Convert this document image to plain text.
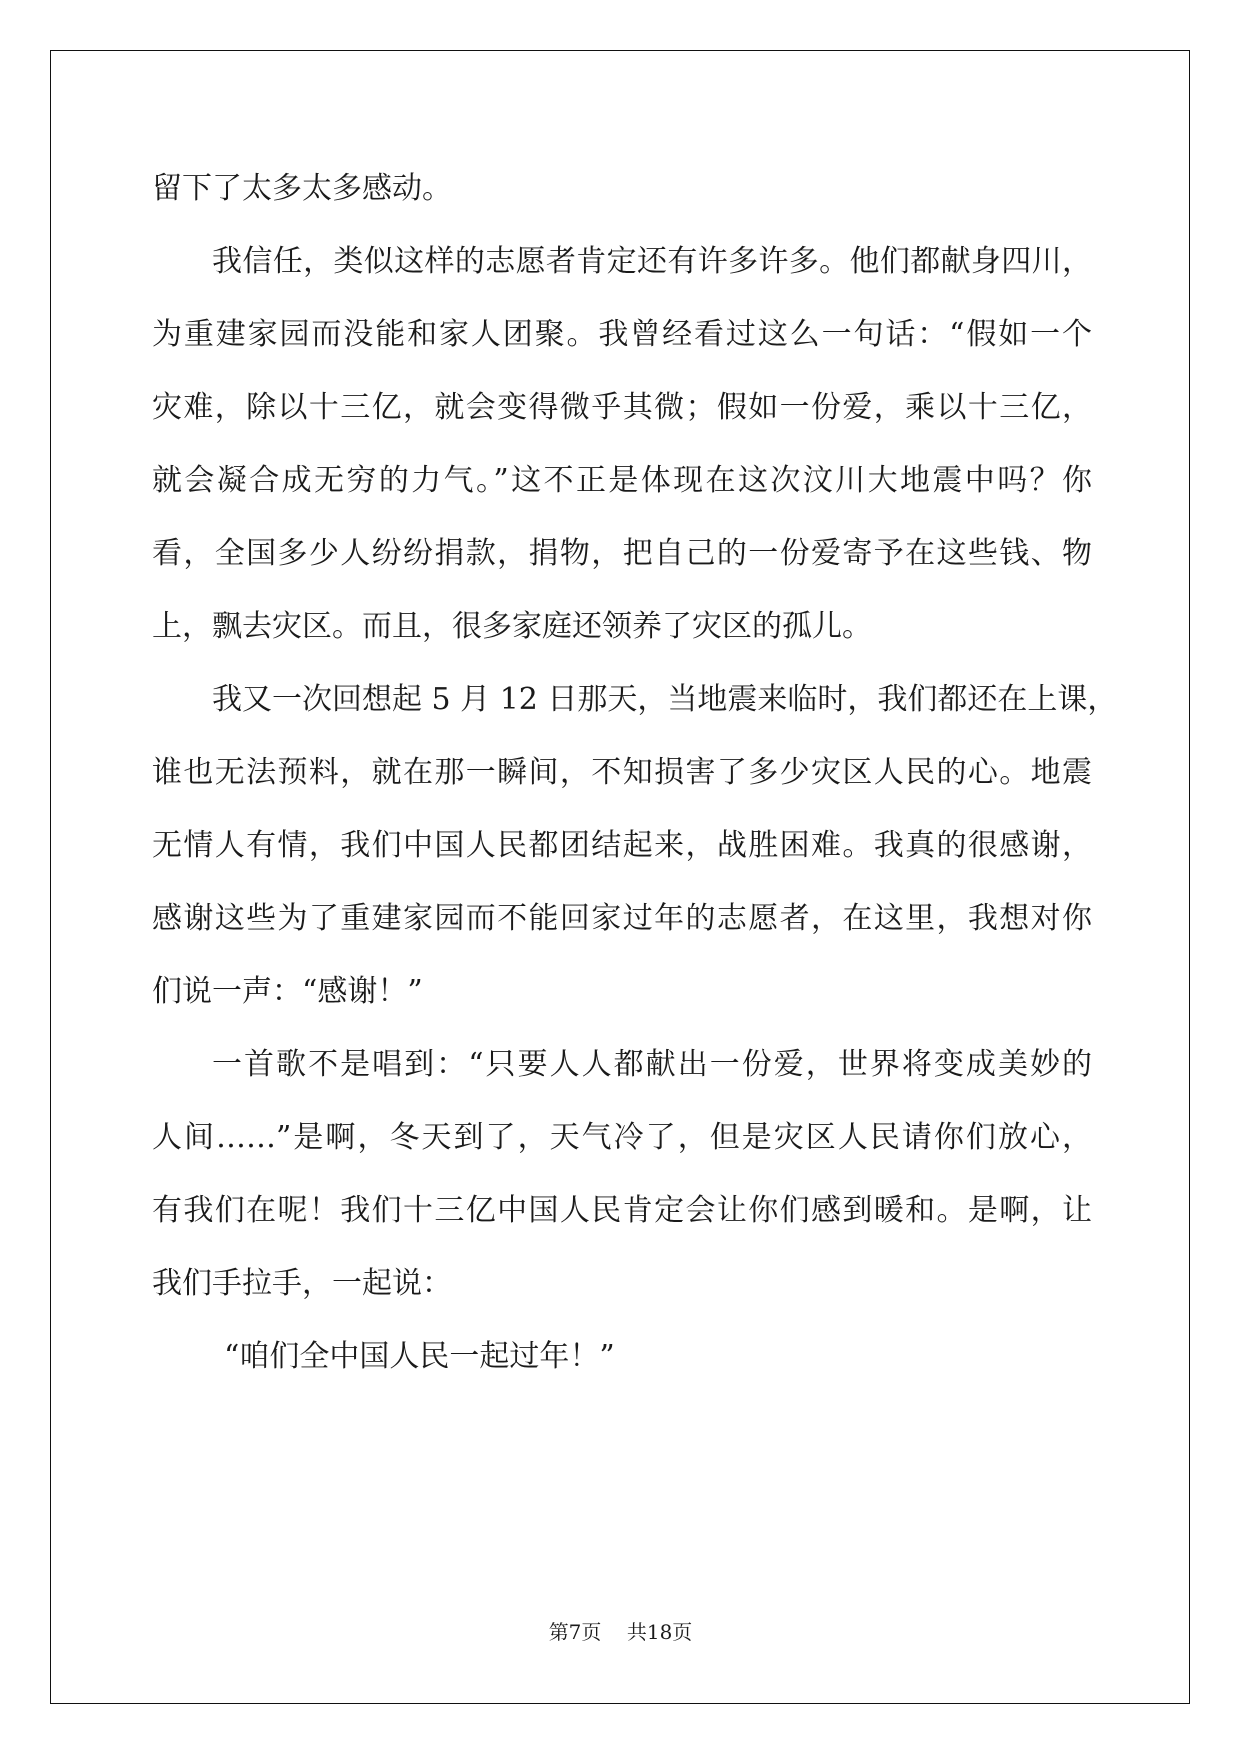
留下了太多太多感动。
我信任，类似这样的志愿者肯定还有许多许多。他们都献身四川，
为重建家园而没能和家人团聚。我曾经看过这么一句话：“假如一个
灾难，除以十三亿，就会变得微乎其微；假如一份爱，乘以十三亿，
就会凝合成无穷的力气。”这不正是体现在这次汶川大地震中吗？你
看，全国多少人纷纷捐款，捐物，把自己的一份爱寄予在这些钱、物
上，飘去灾区。而且，很多家庭还领养了灾区的孤儿。
我又一次回想起 5 月 12 日那天，当地震来临时，我们都还在上课，
谁也无法预料，就在那一瞬间，不知损害了多少灾区人民的心。地震
无情人有情，我们中国人民都团结起来，战胜困难。我真的很感谢，
感谢这些为了重建家园而不能回家过年的志愿者，在这里，我想对你
们说一声：“感谢！”
一首歌不是唱到：“只要人人都献出一份爱，世界将变成美妙的
人间……”是啊，冬天到了，天气冷了，但是灾区人民请你们放心，
有我们在呢！我们十三亿中国人民肯定会让你们感到暖和。是啊，让
我们手拉手，一起说：
“咱们全中国人民一起过年！”
第7页    共18页
